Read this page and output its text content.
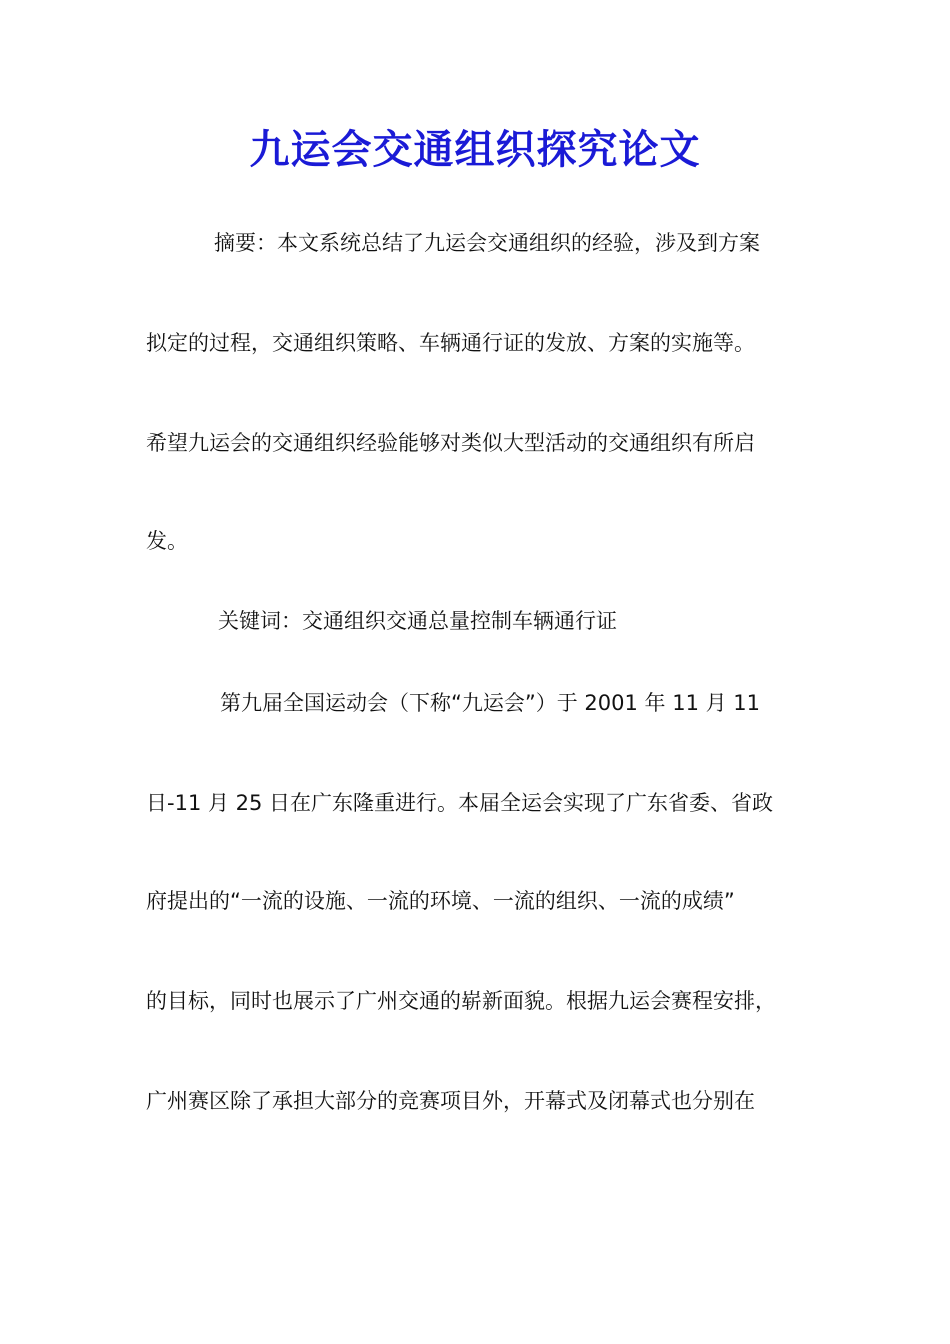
九运会交通组织探究论文
摘要：本文系统总结了九运会交通组织的经验，涉及到方案
拟定的过程，交通组织策略、车辆通行证的发放、方案的实施等。
希望九运会的交通组织经验能够对类似大型活动的交通组织有所启
发。
关键词：交通组织交通总量控制车辆通行证
第九届全国运动会（下称“九运会”）于 2001 年 11 月 11
日-11 月 25 日在广东隆重进行。本届全运会实现了广东省委、省政
府提出的“一流的设施、一流的环境、一流的组织、一流的成绩”
的目标，同时也展示了广州交通的崭新面貌。根据九运会赛程安排，
广州赛区除了承担大部分的竞赛项目外，开幕式及闭幕式也分别在
